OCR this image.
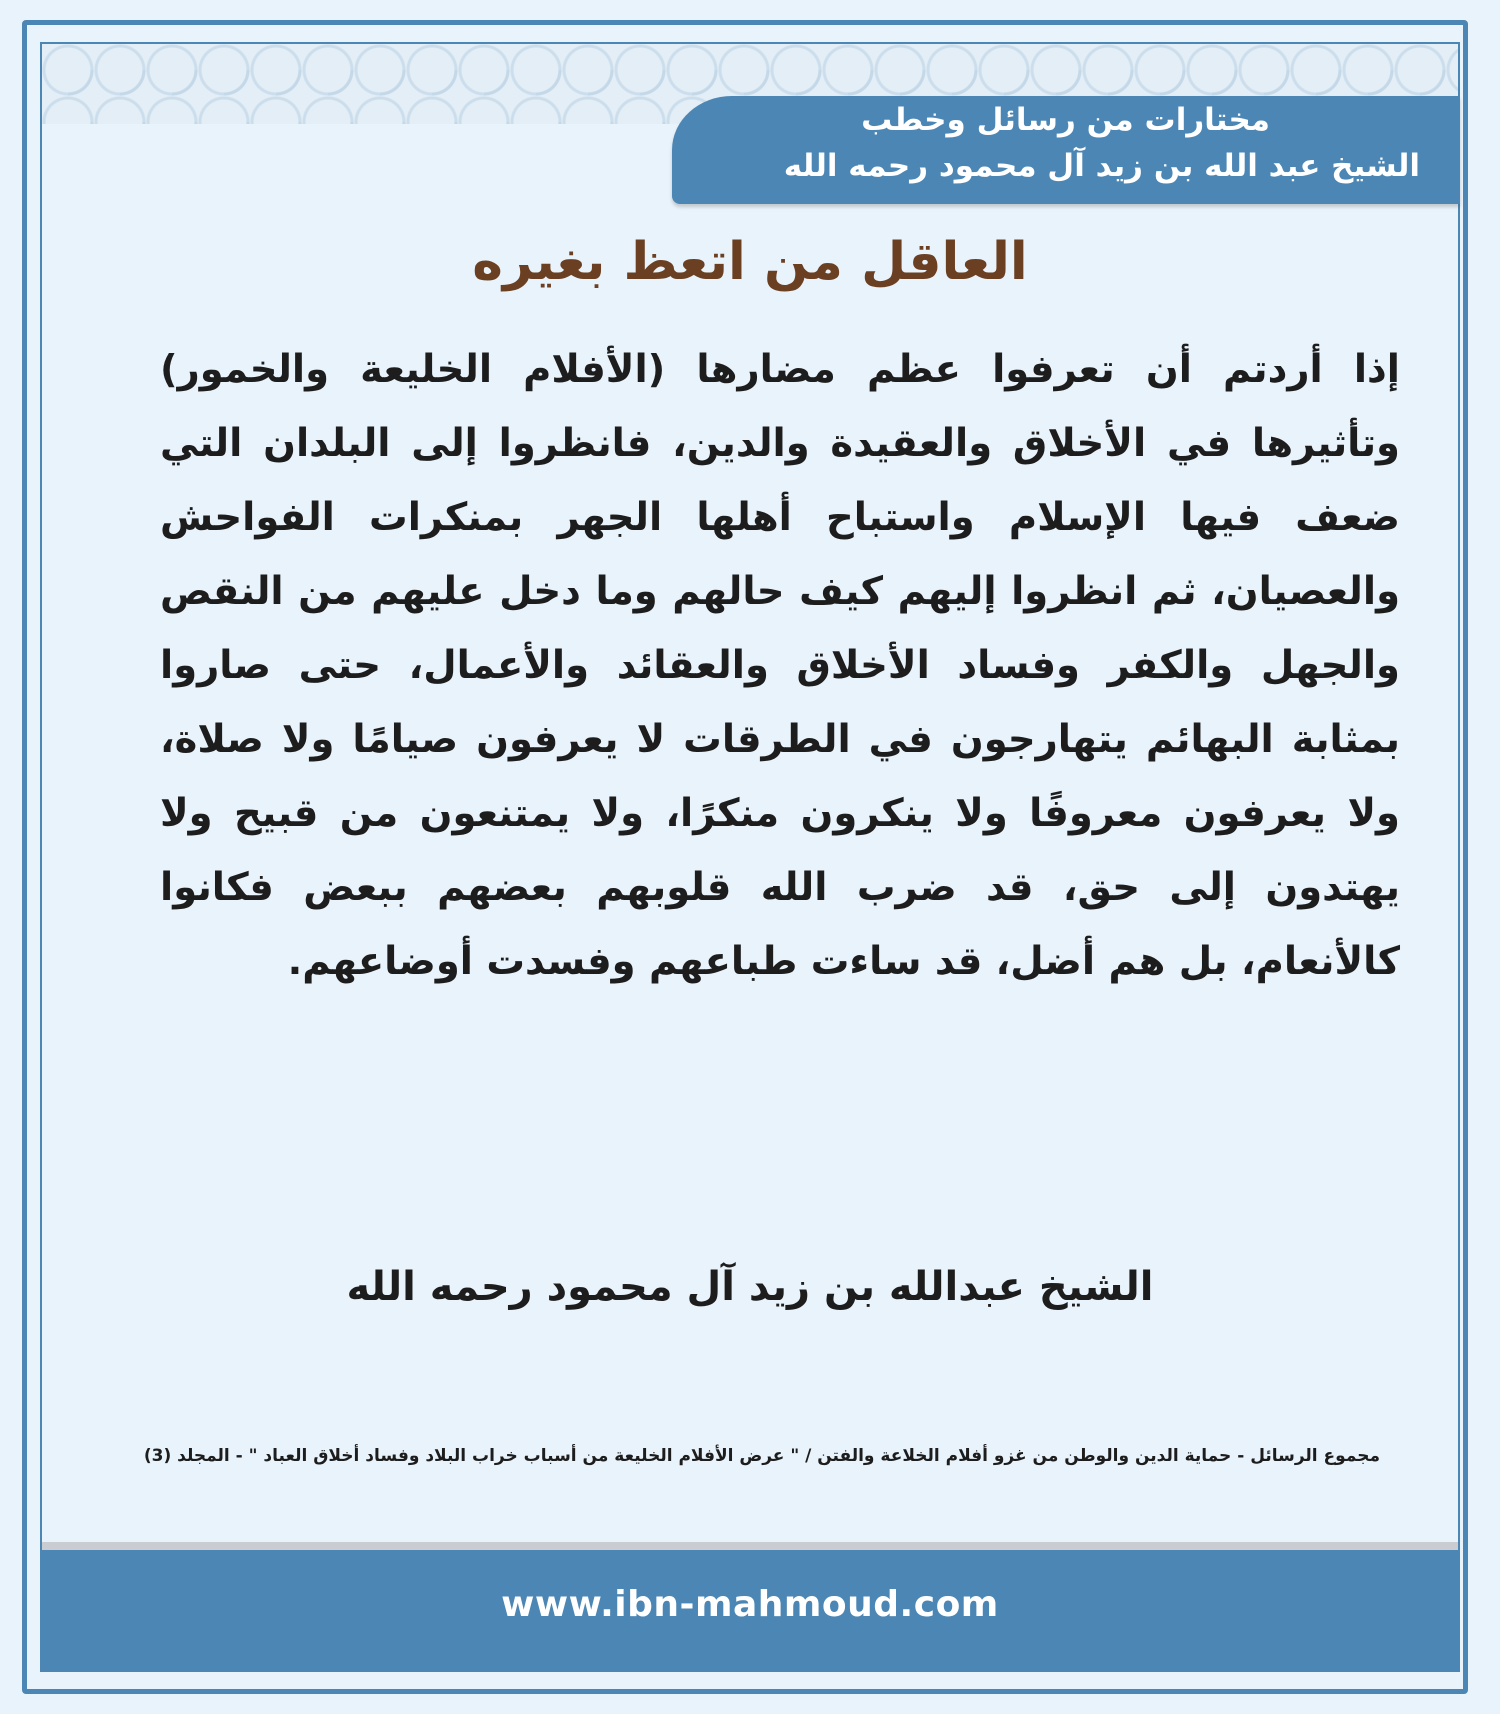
مختارات من رسائل وخطب
الشيخ عبد الله بن زيد آل محمود رحمه الله
العاقل من اتعظ بغيره
إذا أردتم أن تعرفوا عظم مضارها (الأفلام الخليعة والخمور) وتأثيرها في الأخلاق والعقيدة والدين، فانظروا إلى البلدان التي ضعف فيها الإسلام واستباح أهلها الجهر بمنكرات الفواحش والعصيان، ثم انظروا إليهم كيف حالهم وما دخل عليهم من النقص والجهل والكفر وفساد الأخلاق والعقائد والأعمال، حتى صاروا بمثابة البهائم يتهارجون في الطرقات لا يعرفون صيامًا ولا صلاة، ولا يعرفون معروفًا ولا ينكرون منكرًا، ولا يمتنعون من قبيح ولا يهتدون إلى حق، قد ضرب الله قلوبهم بعضهم ببعض فكانوا كالأنعام، بل هم أضل، قد ساءت طباعهم وفسدت أوضاعهم.
الشيخ عبدالله بن زيد آل محمود رحمه الله
مجموع الرسائل - حماية الدين والوطن من غزو أفلام الخلاعة والفتن / " عرض الأفلام الخليعة من أسباب خراب البلاد وفساد أخلاق العباد " - المجلد (3)
www.ibn-mahmoud.com
